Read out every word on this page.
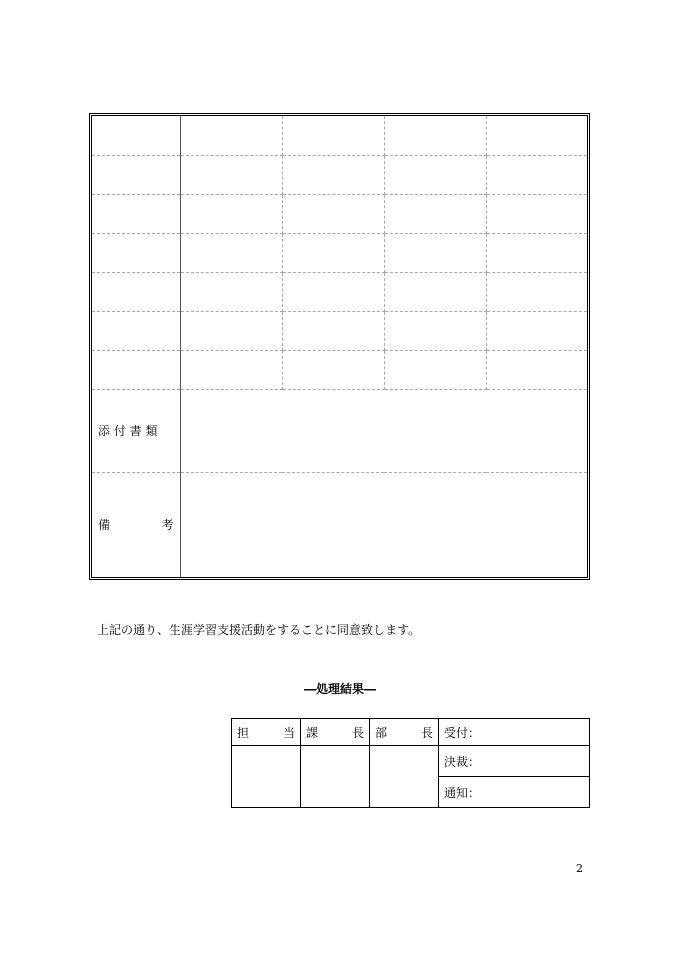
添 付 書 類				

備 考				

上記の通り、生涯学習支援活動をすることに同意致します。
―処理結果―
担 当	課 長	部 長	受付：
			決裁：
			通知：
2
